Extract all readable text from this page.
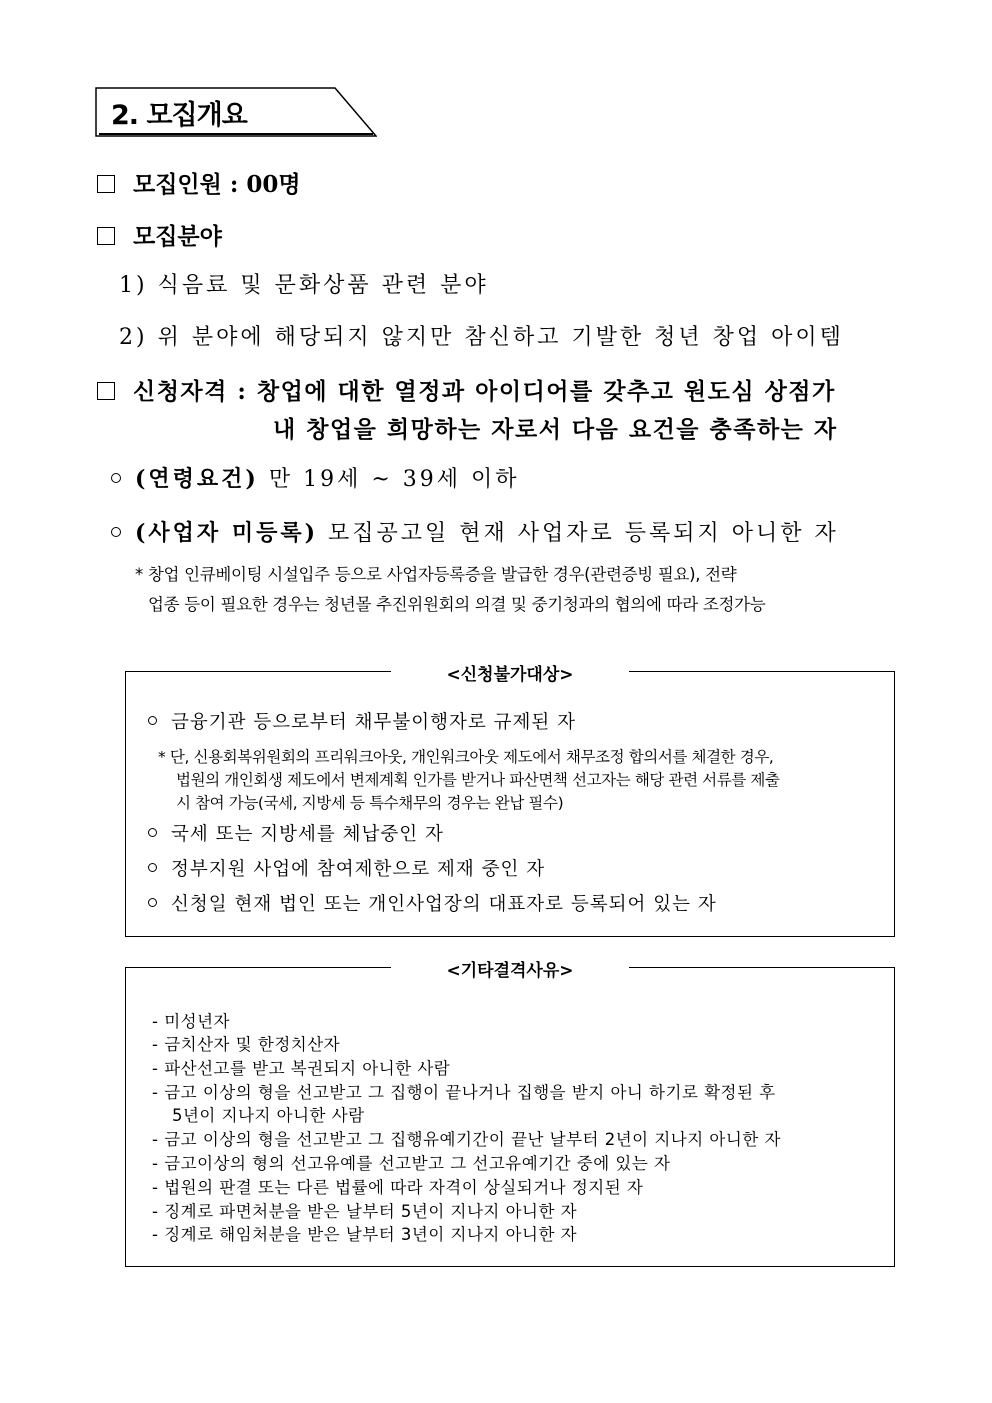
2. 모집개요
모집인원 : 00명
모집분야
1) 식음료 및 문화상품 관련 분야
2) 위 분야에 해당되지 않지만 참신하고 기발한 청년 창업 아이템
신청자격 : 창업에 대한 열정과 아이디어를 갖추고 원도심 상점가
내 창업을 희망하는 자로서 다음 요건을 충족하는 자
(연령요건) 만 19세 ~ 39세 이하
(사업자 미등록) 모집공고일 현재 사업자로 등록되지 아니한 자
* 창업 인큐베이팅 시설입주 등으로 사업자등록증을 발급한 경우(관련증빙 필요), 전략
업종 등이 필요한 경우는 청년몰 추진위원회의 의결 및 중기청과의 협의에 따라 조정가능
<신청불가대상>
금융기관 등으로부터 채무불이행자로 규제된 자
* 단, 신용회복위원회의 프리워크아웃, 개인워크아웃 제도에서 채무조정 합의서를 체결한 경우,
법원의 개인회생 제도에서 변제계획 인가를 받거나 파산면책 선고자는 해당 관련 서류를 제출
시 참여 가능(국세, 지방세 등 특수채무의 경우는 완납 필수)
국세 또는 지방세를 체납중인 자
정부지원 사업에 참여제한으로 제재 중인 자
신청일 현재 법인 또는 개인사업장의 대표자로 등록되어 있는 자
<기타결격사유>
- 미성년자
- 금치산자 및 한정치산자
- 파산선고를 받고 복권되지 아니한 사람
- 금고 이상의 형을 선고받고 그 집행이 끝나거나 집행을 받지 아니 하기로 확정된 후
5년이 지나지 아니한 사람
- 금고 이상의 형을 선고받고 그 집행유예기간이 끝난 날부터 2년이 지나지 아니한 자
- 금고이상의 형의 선고유예를 선고받고 그 선고유예기간 중에 있는 자
- 법원의 판결 또는 다른 법률에 따라 자격이 상실되거나 정지된 자
- 징계로 파면처분을 받은 날부터 5년이 지나지 아니한 자
- 징계로 해임처분을 받은 날부터 3년이 지나지 아니한 자
